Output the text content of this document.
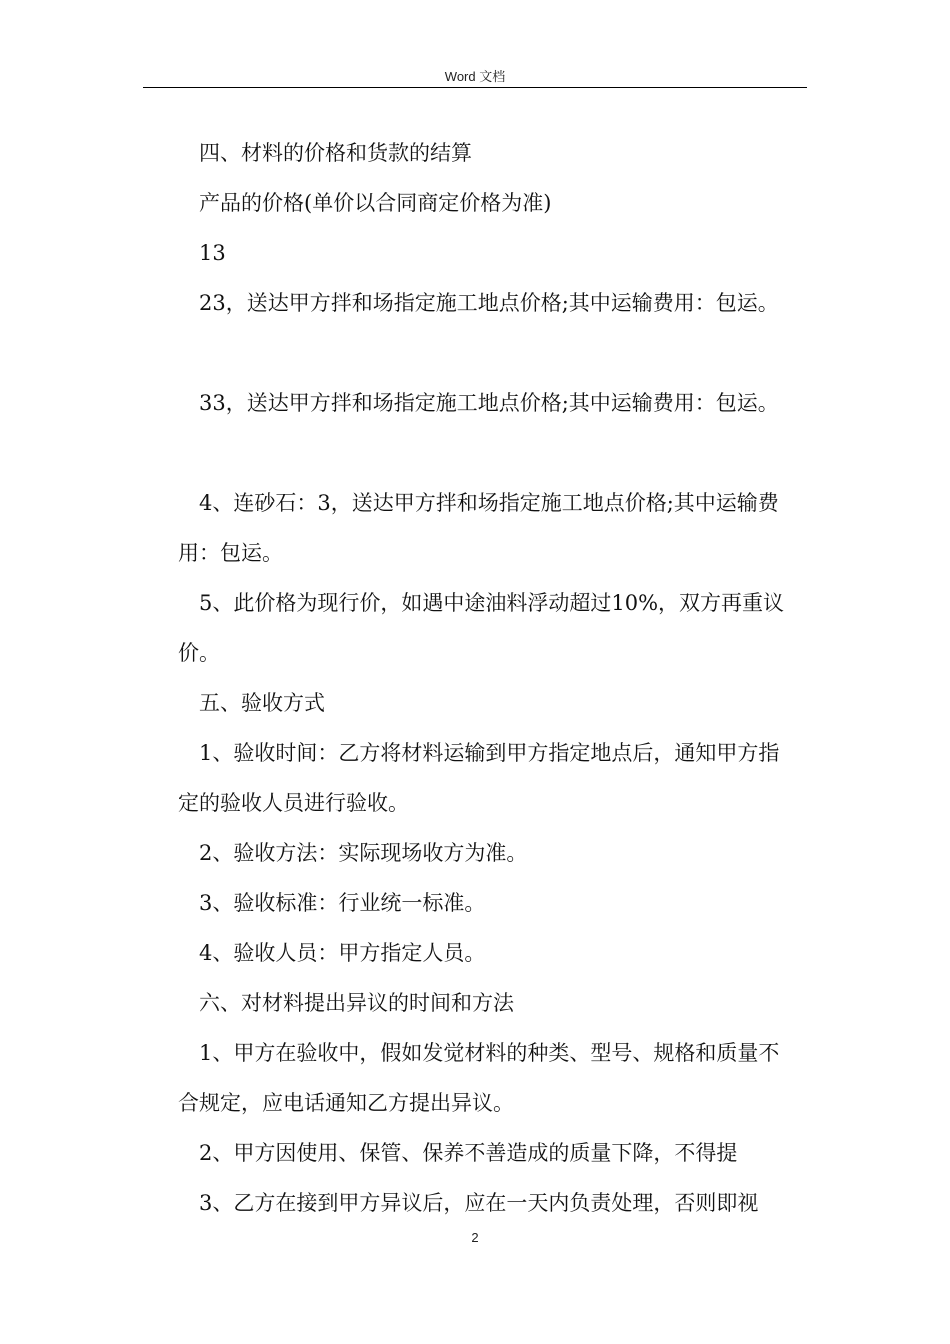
Word 文档

四、材料的价格和货款的结算

产品的价格(单价以合同商定价格为准)

13

23，送达甲方拌和场指定施工地点价格;其中运输费用：包运。

33，送达甲方拌和场指定施工地点价格;其中运输费用：包运。

4、连砂石：3，送达甲方拌和场指定施工地点价格;其中运输费用：包运。

5、此价格为现行价，如遇中途油料浮动超过10%，双方再重议价。

五、验收方式

1、验收时间：乙方将材料运输到甲方指定地点后，通知甲方指定的验收人员进行验收。

2、验收方法：实际现场收方为准。

3、验收标准：行业统一标准。

4、验收人员：甲方指定人员。

六、对材料提出异议的时间和方法

1、甲方在验收中，假如发觉材料的种类、型号、规格和质量不合规定，应电话通知乙方提出异议。

2、甲方因使用、保管、保养不善造成的质量下降，不得提

3、乙方在接到甲方异议后，应在一天内负责处理，否则即视

2
